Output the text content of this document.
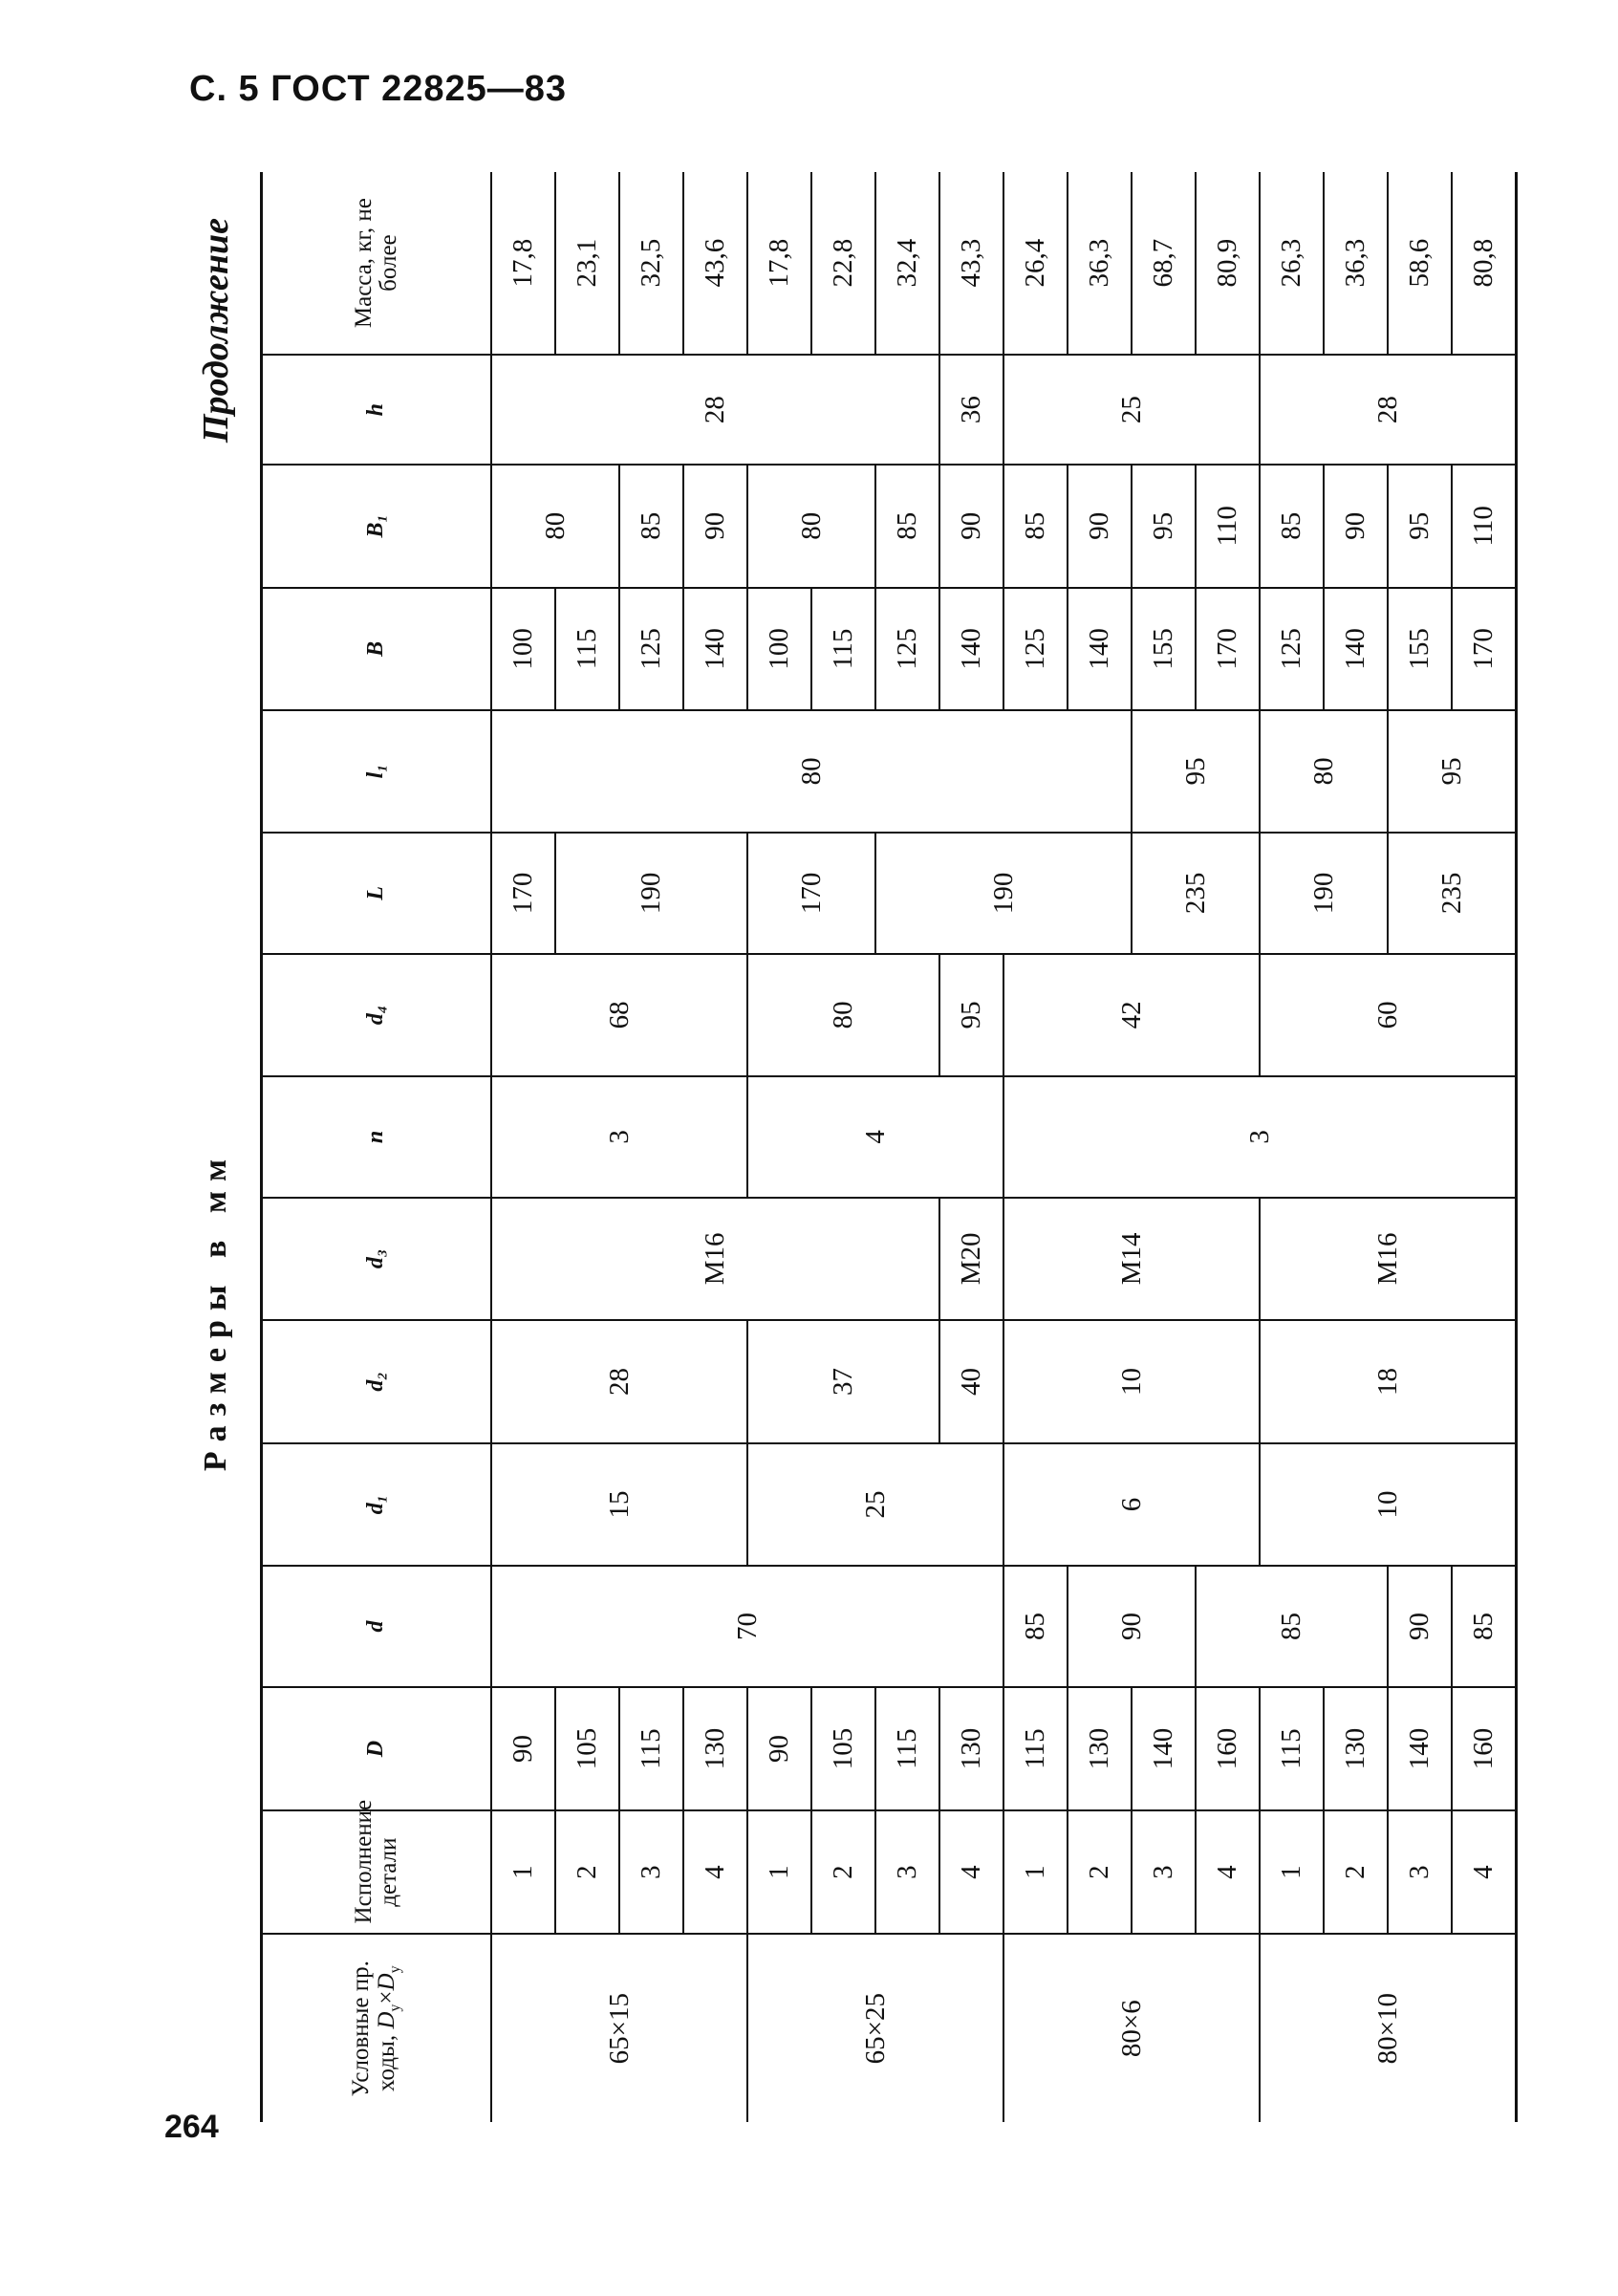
С. 5 ГОСТ 22825—83
Размеры в мм
Продолжение
Условные пр. ходы, $D_у\times D_у$	Исполнение детали	D	d	d₁	d₂	d₃	n	d₄	L	l₁	B	B₁	h	Масса, кг, не более
65×15	1	90	70	15	28	M16	3	68	170	80	100	80	28	17,8
	2	105							190		115			23,1
	3	115									125	85		32,5
	4	130									140	90		43,6
65×25	1	90		25	37		4	80	170		100	80		17,8
	2	105									115			22,8
	3	115							190		125	85		32,4
	4	130			40	M20		95			140	90	36	43,3
80×6	1	115	85	6	10	M14	3	42			125	85	25	26,4
	2	130	90								140	90		36,3
	3	140							235	95	155	95		68,7
	4	160	85								170	110		80,9
80×10	1	115		10	18	M16		60	190	80	125	85	28	26,3
	2	130									140	90		36,3
	3	140	90						235	95	155	95		58,6
	4	160	85								170	110		80,8
264
